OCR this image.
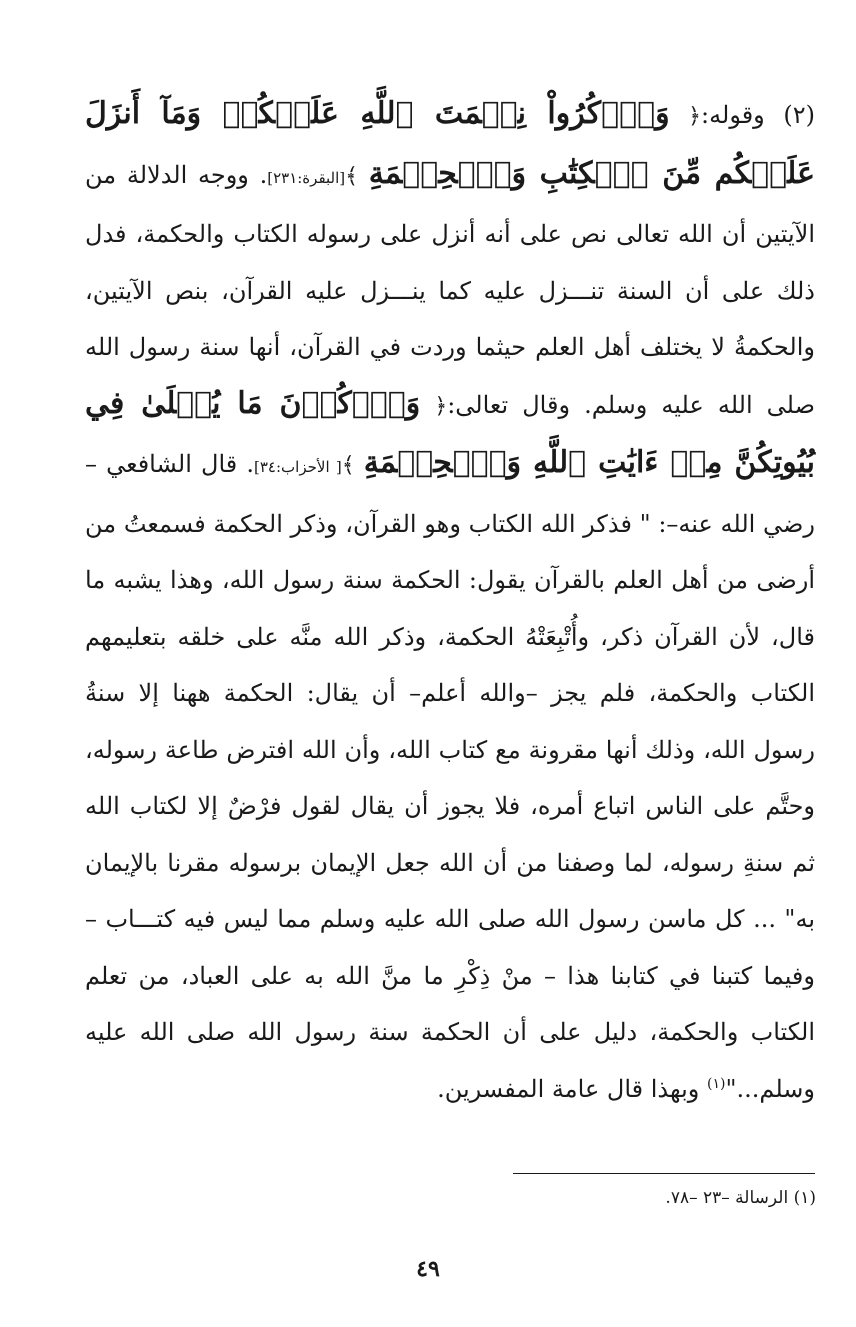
(٢) وقوله:﴿ وَٱذۡكُرُواْ نِعۡمَتَ ٱللَّهِ عَلَيۡكُمۡ وَمَآ أَنزَلَ عَلَيۡكُم مِّنَ ٱلۡكِتَٰبِ وَٱلۡحِكۡمَةِ ﴾[البقرة:٢٣١]. ووجه الدلالة من الآيتين أن الله تعالى نص على أنه أنزل على رسوله الكتاب والحكمة، فدل ذلك على أن السنة تنـــزل عليه كما ينـــزل عليه القرآن، بنص الآيتين، والحكمةُ لا يختلف أهل العلم حيثما وردت في القرآن، أنها سنة رسول الله صلى الله عليه وسلم. وقال تعالى:﴿ وَٱذۡكُرۡنَ مَا يُتۡلَىٰ فِي بُيُوتِكُنَّ مِنۡ ءَايَٰتِ ٱللَّهِ وَٱلۡحِكۡمَةِ ﴾[ الأحزاب:٣٤]. قال الشافعي –رضي الله عنه–: " فذكر الله الكتاب وهو القرآن، وذكر الحكمة فسمعتُ من أرضى من أهل العلم بالقرآن يقول: الحكمة سنة رسول الله، وهذا يشبه ما قال، لأن القرآن ذكر، وأُتْبِعَتْهُ الحكمة، وذكر الله منَّه على خلقه بتعليمهم الكتاب والحكمة، فلم يجز –والله أعلم– أن يقال: الحكمة ههنا إلا سنةُ رسول الله، وذلك أنها مقرونة مع كتاب الله، وأن الله افترض طاعة رسوله، وحتَّم على الناس اتباع أمره، فلا يجوز أن يقال لقول فرْضٌ إلا لكتاب الله ثم سنةِ رسوله، لما وصفنا من أن الله جعل الإيمان برسوله مقرنا بالإيمان به" ... كل ماسن رسول الله صلى الله عليه وسلم مما ليس فيه كتـــاب – وفيما كتبنا في كتابنا هذا – منْ ذِكْرِ ما منَّ الله به على العباد، من تعلم الكتاب والحكمة، دليل على أن الحكمة سنة رسول الله صلى الله عليه وسلم..."$^{(١)}$ وبهذا قال عامة المفسرين.

(١) الرسالة –٢٣ –٧٨.

٤٩
